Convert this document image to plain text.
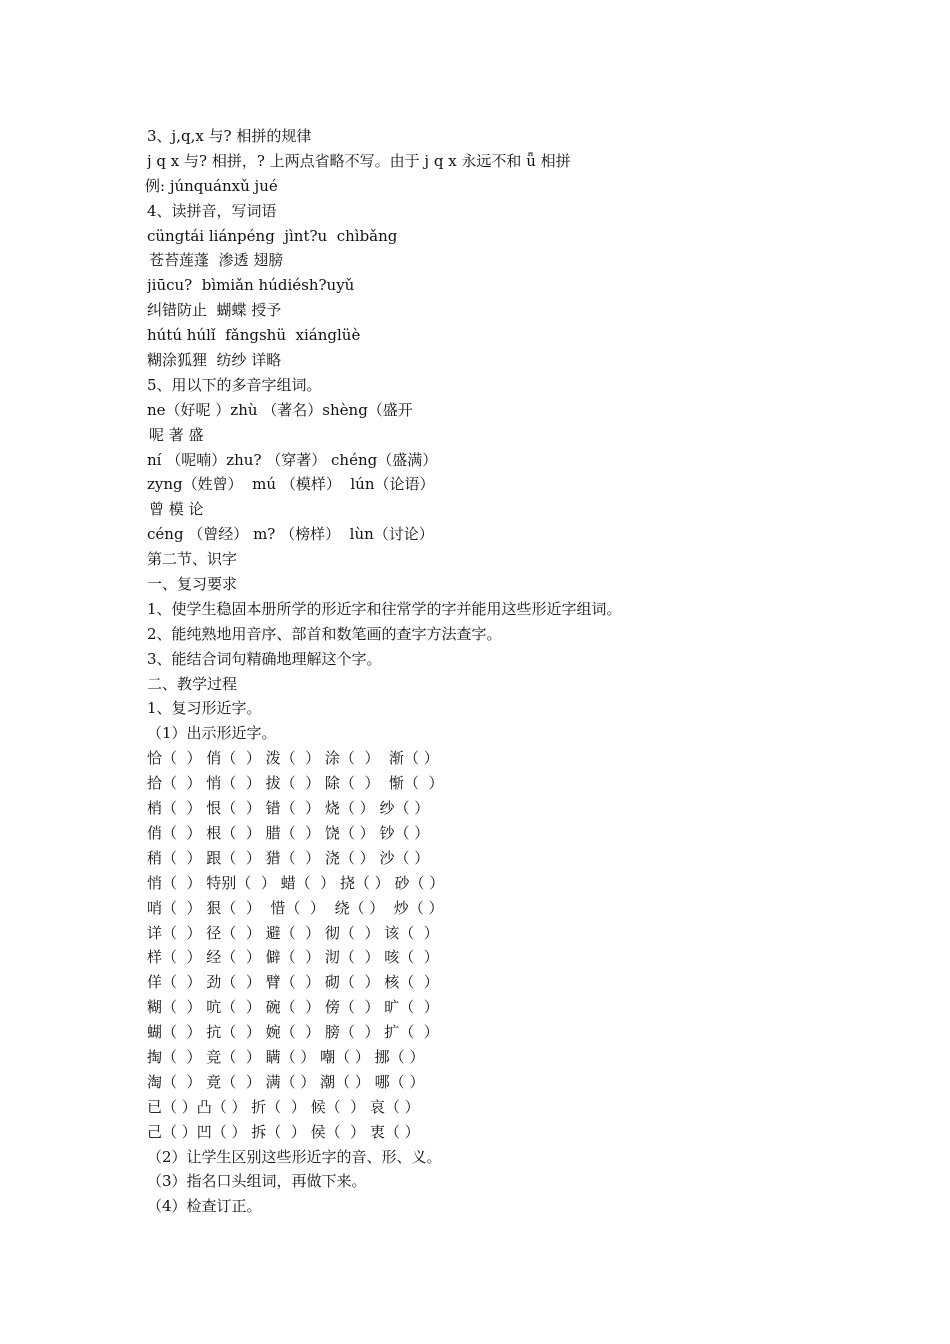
3、j,q,x 与? 相拼的规律
j q x 与? 相拼，? 上两点省略不写。由于 j q x 永远不和 ǖ 相拼
例: júnquánxǔ jué
4、读拼音，写词语
cüngtái liánpéng  jìnt?u  chìbǎng
苍苔莲蓬  渗透 翅膀
jiūcu?  bìmiǎn húdiésh?uyǔ
纠错防止  蝴蝶 授予
hútú húlǐ  fǎngshü  xiánglüè
糊涂狐狸  纺纱 详略
5、用以下的多音字组词。
ne（好呢 ）zhù （著名）shèng（盛开
呢 著 盛
ní （呢喃）zhu? （穿著） chéng（盛满）
zyng（姓曾）  mú （模样）  lún（论语）
曾 模 论
céng （曾经） m? （榜样）  lùn（讨论）
第二节、识字
一、复习要求
1、使学生稳固本册所学的形近字和往常学的字并能用这些形近字组词。
2、能纯熟地用音序、部首和数笔画的查字方法查字。
3、能结合词句精确地理解这个字。
二、教学过程
1、复习形近字。
（1）出示形近字。
恰（  ） 俏（  ） 泼（  ） 涂（  ）  渐（ ）
拾（  ） 悄（  ） 拔（  ） 除（  ）  惭（  ）
梢（  ） 恨（  ） 错（  ） 烧（ ） 纱（ ）
俏（  ） 根（  ） 腊（  ） 饶（ ） 钞（ ）
稍（  ） 跟（  ） 猎（  ） 浇（ ） 沙（ ）
悄（  ） 特别（  ） 蜡（  ） 挠（ ） 砂（ ）
哨（  ） 狠（  ）  惜（  ）  绕（ ）  炒（ ）
详（  ） 径（  ） 避（  ） 彻（  ） 该（  ）
样（  ） 经（  ） 僻（  ） 沏（  ） 咳（  ）
佯（  ） 劲（  ） 臂（  ） 砌（  ） 核（  ）
糊（  ） 吭（  ） 碗（  ） 傍（  ） 旷（  ）
蝴（  ） 抗（  ） 婉（  ） 膀（  ） 扩（  ）
掏（  ） 竞（  ） 瞒（ ） 嘲（ ） 挪（ ）
淘（  ） 竟（  ） 满（ ） 潮（ ） 哪（ ）
已（ ）凸（ ） 折（  ） 候（  ） 哀（ ）
己（ ）凹（ ） 拆（  ） 侯（  ） 衷（ ）
（2）让学生区别这些形近字的音、形、义。
（3）指名口头组词，再做下来。
（4）检查订正。
